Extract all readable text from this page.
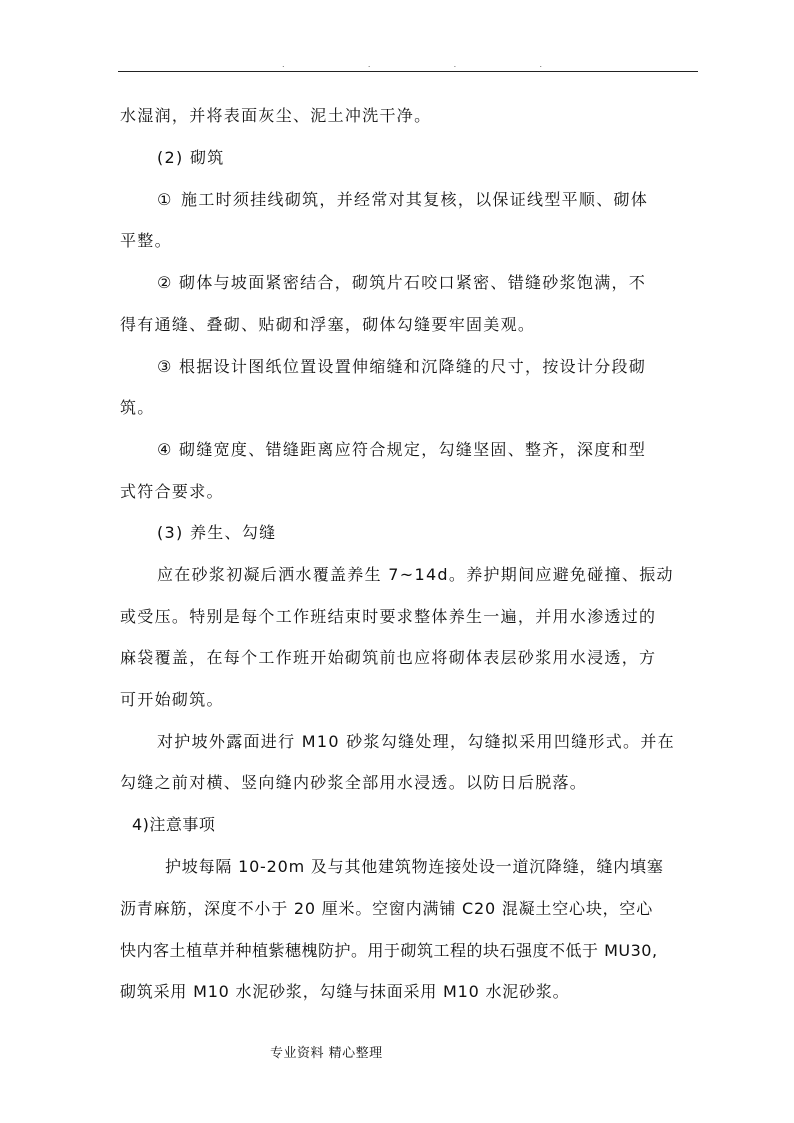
.	.	.	.
水湿润，并将表面灰尘、泥土冲洗干净。
(2) 砌筑
① 施工时须挂线砌筑，并经常对其复核，以保证线型平顺、砌体
平整。
② 砌体与坡面紧密结合，砌筑片石咬口紧密、错缝砂浆饱满，不
得有通缝、叠砌、贴砌和浮塞，砌体勾缝要牢固美观。
③ 根据设计图纸位置设置伸缩缝和沉降缝的尺寸，按设计分段砌
筑。
④ 砌缝宽度、错缝距离应符合规定，勾缝坚固、整齐，深度和型
式符合要求。
(3) 养生、勾缝
应在砂浆初凝后洒水覆盖养生 7~14d。养护期间应避免碰撞、振动
或受压。特别是每个工作班结束时要求整体养生一遍，并用水渗透过的
麻袋覆盖，在每个工作班开始砌筑前也应将砌体表层砂浆用水浸透，方
可开始砌筑。
对护坡外露面进行 M10 砂浆勾缝处理，勾缝拟采用凹缝形式。并在
勾缝之前对横、竖向缝内砂浆全部用水浸透。以防日后脱落。
4)注意事项
护坡每隔 10-20m 及与其他建筑物连接处设一道沉降缝，缝内填塞
沥青麻筋，深度不小于 20 厘米。空窗内满铺 C20 混凝土空心块，空心
快内客土植草并种植紫穗槐防护。用于砌筑工程的块石强度不低于 MU30,
砌筑采用 M10 水泥砂浆，勾缝与抹面采用 M10 水泥砂浆。
专业资料 精心整理
